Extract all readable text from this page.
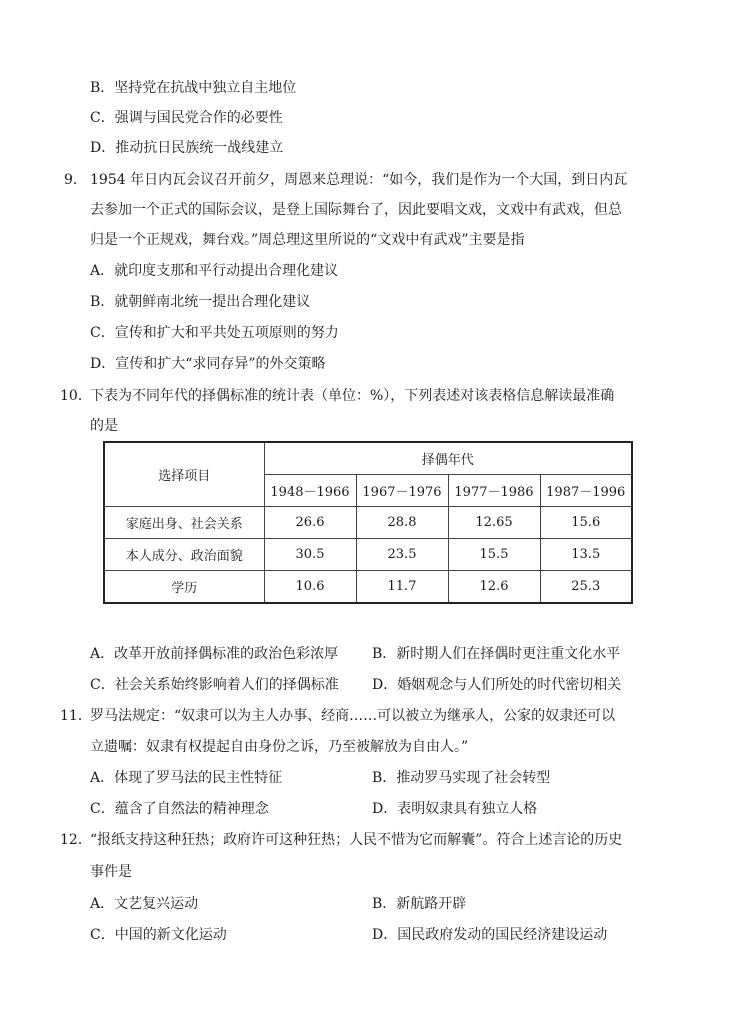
B．坚持党在抗战中独立自主地位
C．强调与国民党合作的必要性
D．推动抗日民族统一战线建立
9． 1954 年日内瓦会议召开前夕，周恩来总理说：“如今，我们是作为一个大国，到日内瓦
去参加一个正式的国际会议，是登上国际舞台了，因此要唱文戏，文戏中有武戏，但总
归是一个正规戏，舞台戏。”周总理这里所说的“文戏中有武戏”主要是指
A．就印度支那和平行动提出合理化建议
B．就朝鲜南北统一提出合理化建议
C．宣传和扩大和平共处五项原则的努力
D．宣传和扩大“求同存异”的外交策略
10．
下表为不同年代的择偶标准的统计表（单位：%），下列表述对该表格信息解读最准确
的是
选择项目	择偶年代			
	1948－1966	1967－1976	1977－1986	1987－1996
家庭出身、社会关系	26.6	28.8	12.65	15.6
本人成分、政治面貌	30.5	23.5	15.5	13.5
学历	10.6	11.7	12.6	25.3
A．改革开放前择偶标准的政治色彩浓厚 B．新时期人们在择偶时更注重文化水平
C．社会关系始终影响着人们的择偶标准 D．婚姻观念与人们所处的时代密切相关
11．
罗马法规定：“奴隶可以为主人办事、经商……可以被立为继承人，公家的奴隶还可以
立遗嘱：奴隶有权提起自由身份之诉，乃至被解放为自由人。”
A．体现了罗马法的民主性特征	B．推动罗马实现了社会转型
C．蕴含了自然法的精神理念	D．表明奴隶具有独立人格
12．
“报纸支持这种狂热；政府许可这种狂热；人民不惜为它而解囊”。符合上述言论的历史
事件是
A．文艺复兴运动	B．新航路开辟
C．中国的新文化运动	D．国民政府发动的国民经济建设运动
